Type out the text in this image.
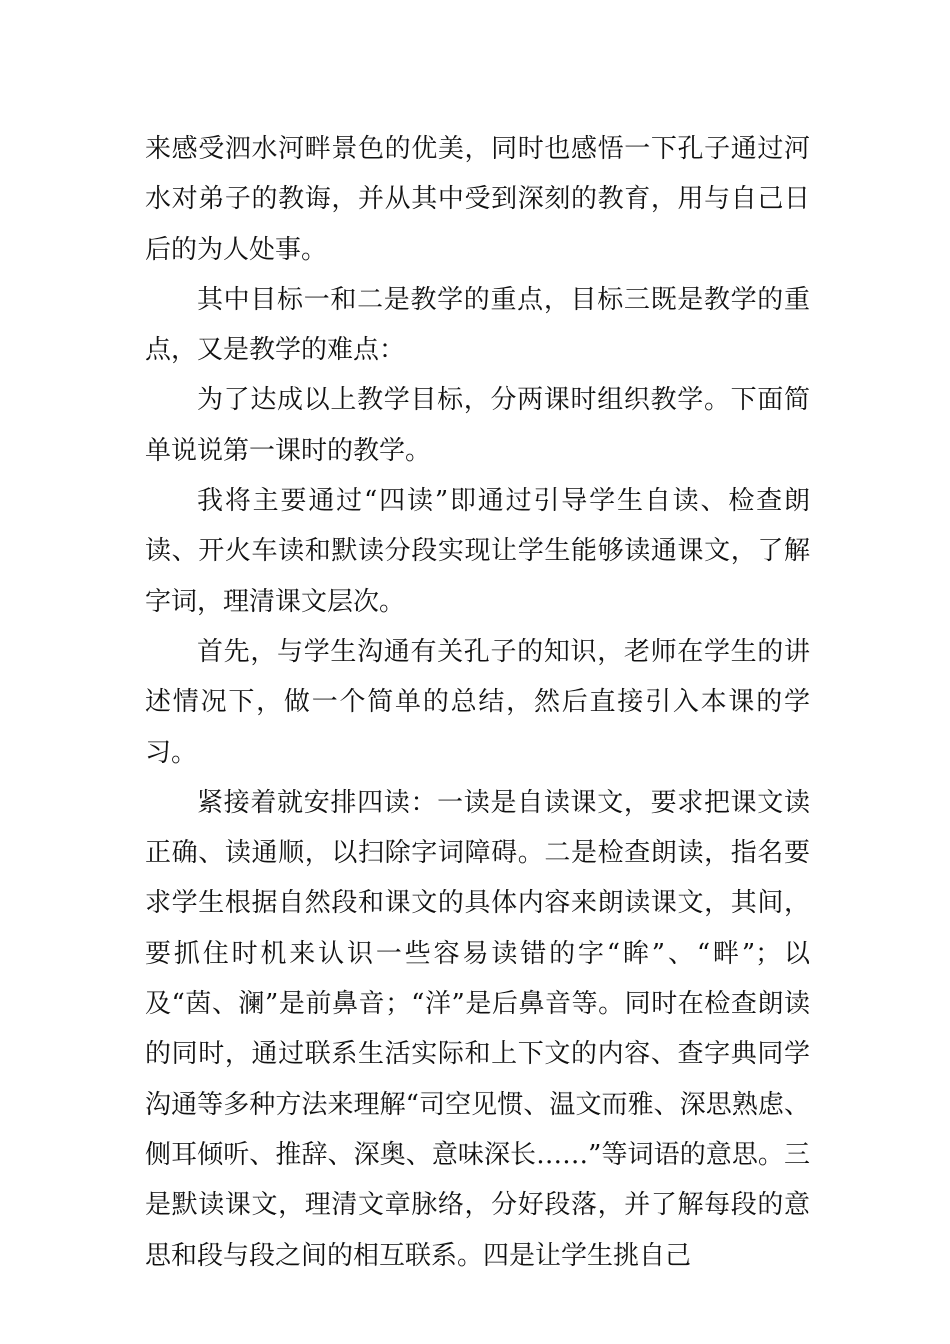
来感受泗水河畔景色的优美，同时也感悟一下孔子通过河水对弟子的教诲，并从其中受到深刻的教育，用与自己日后的为人处事。

其中目标一和二是教学的重点，目标三既是教学的重点，又是教学的难点：

为了达成以上教学目标，分两课时组织教学。下面简单说说第一课时的教学。

我将主要通过“四读”即通过引导学生自读、检查朗读、开火车读和默读分段实现让学生能够读通课文，了解字词，理清课文层次。

首先，与学生沟通有关孔子的知识，老师在学生的讲述情况下，做一个简单的总结，然后直接引入本课的学习。

紧接着就安排四读：一读是自读课文，要求把课文读正确、读通顺，以扫除字词障碍。二是检查朗读，指名要求学生根据自然段和课文的具体内容来朗读课文，其间，要抓住时机来认识一些容易读错的字“眸”、“畔”；以及“茵、澜”是前鼻音；“洋”是后鼻音等。同时在检查朗读的同时，通过联系生活实际和上下文的内容、查字典同学沟通等多种方法来理解“司空见惯、温文而雅、深思熟虑、侧耳倾听、推辞、深奥、意味深长……”等词语的意思。三是默读课文，理清文章脉络，分好段落，并了解每段的意思和段与段之间的相互联系。四是让学生挑自己
